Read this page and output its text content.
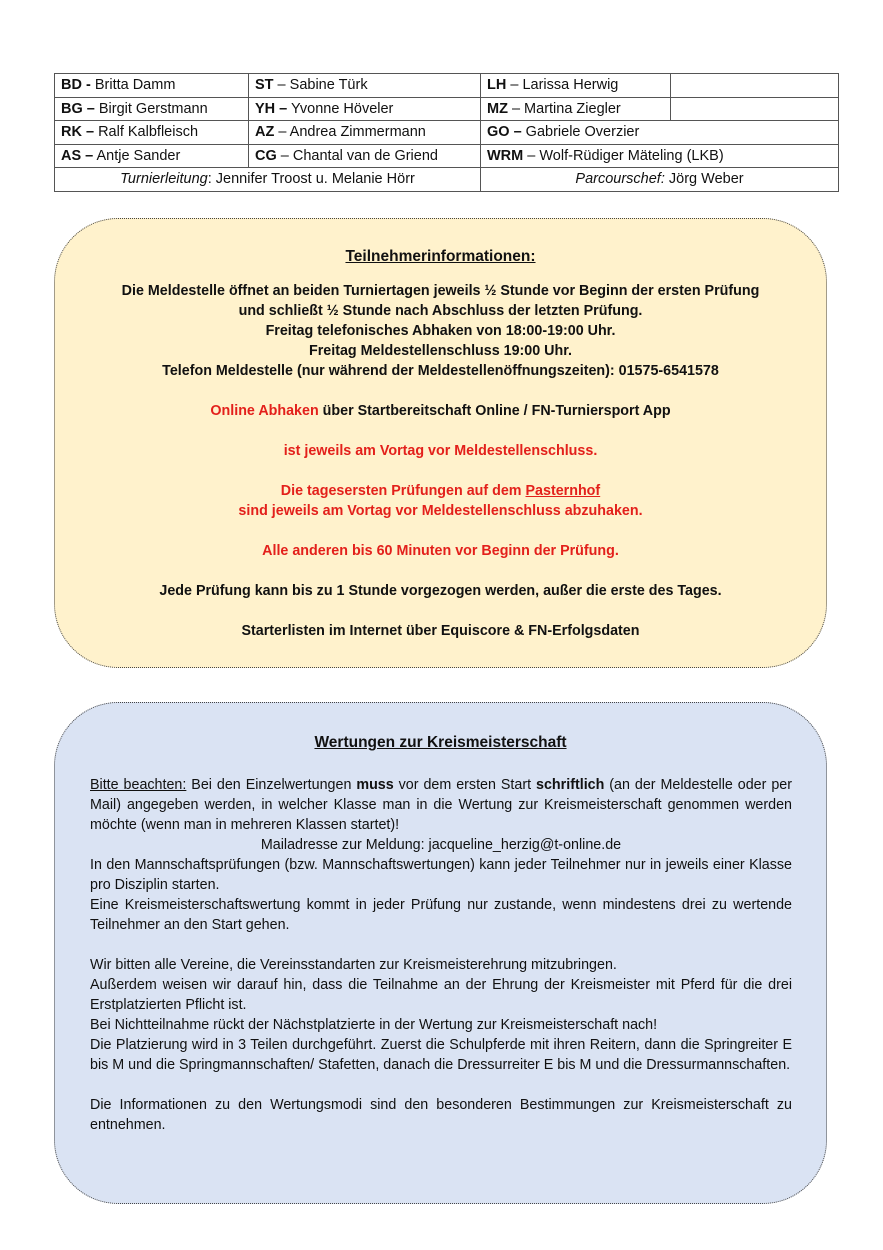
BD - Britta Damm	ST – Sabine Türk	LH – Larissa Herwig	
BG – Birgit Gerstmann	YH – Yvonne Höveler	MZ – Martina Ziegler	
RK – Ralf Kalbfleisch	AZ – Andrea Zimmermann	GO – Gabriele Overzier	
AS – Antje Sander	CG – Chantal van de Griend	WRM – Wolf-Rüdiger Mäteling (LKB)	
Turnierleitung: Jennifer Troost u. Melanie Hörr		Parcourschef: Jörg Weber	
Teilnehmerinformationen:
Die Meldestelle öffnet an beiden Turniertagen jeweils ½ Stunde vor Beginn der ersten Prüfung
und schließt ½ Stunde nach Abschluss der letzten Prüfung.
Freitag telefonisches Abhaken von 18:00-19:00 Uhr.
Freitag Meldestellenschluss 19:00 Uhr.
Telefon Meldestelle (nur während der Meldestellenöffnungszeiten): 01575-6541578
Online Abhaken über Startbereitschaft Online / FN-Turniersport App
ist jeweils am Vortag vor Meldestellenschluss.
Die tagesersten Prüfungen auf dem Pasternhof
sind jeweils am Vortag vor Meldestellenschluss abzuhaken.
Alle anderen bis 60 Minuten vor Beginn der Prüfung.
Jede Prüfung kann bis zu 1 Stunde vorgezogen werden, außer die erste des Tages.
Starterlisten im Internet über Equiscore & FN-Erfolgsdaten
Wertungen zur Kreismeisterschaft

Bitte beachten: Bei den Einzelwertungen muss vor dem ersten Start schriftlich (an der Meldestelle oder per Mail) angegeben werden, in welcher Klasse man in die Wertung zur Kreismeisterschaft genommen werden möchte (wenn man in mehreren Klassen startet)!

Mailadresse zur Meldung: jacqueline_herzig@t-online.de

In den Mannschaftsprüfungen (bzw. Mannschaftswertungen) kann jeder Teilnehmer nur in jeweils einer Klasse pro Disziplin starten.

Eine Kreismeisterschaftswertung kommt in jeder Prüfung nur zustande, wenn mindestens drei zu wertende Teilnehmer an den Start gehen.

Wir bitten alle Vereine, die Vereinsstandarten zur Kreismeisterehrung mitzubringen.

Außerdem weisen wir darauf hin, dass die Teilnahme an der Ehrung der Kreismeister mit Pferd für die drei Erstplatzierten Pflicht ist.

Bei Nichtteilnahme rückt der Nächstplatzierte in der Wertung zur Kreismeisterschaft nach!

Die Platzierung wird in 3 Teilen durchgeführt. Zuerst die Schulpferde mit ihren Reitern, dann die Springreiter E bis M und die Springmannschaften/ Stafetten, danach die Dressurreiter E bis M und die Dressurmannschaften.

Die Informationen zu den Wertungsmodi sind den besonderen Bestimmungen zur Kreismeisterschaft zu entnehmen.
